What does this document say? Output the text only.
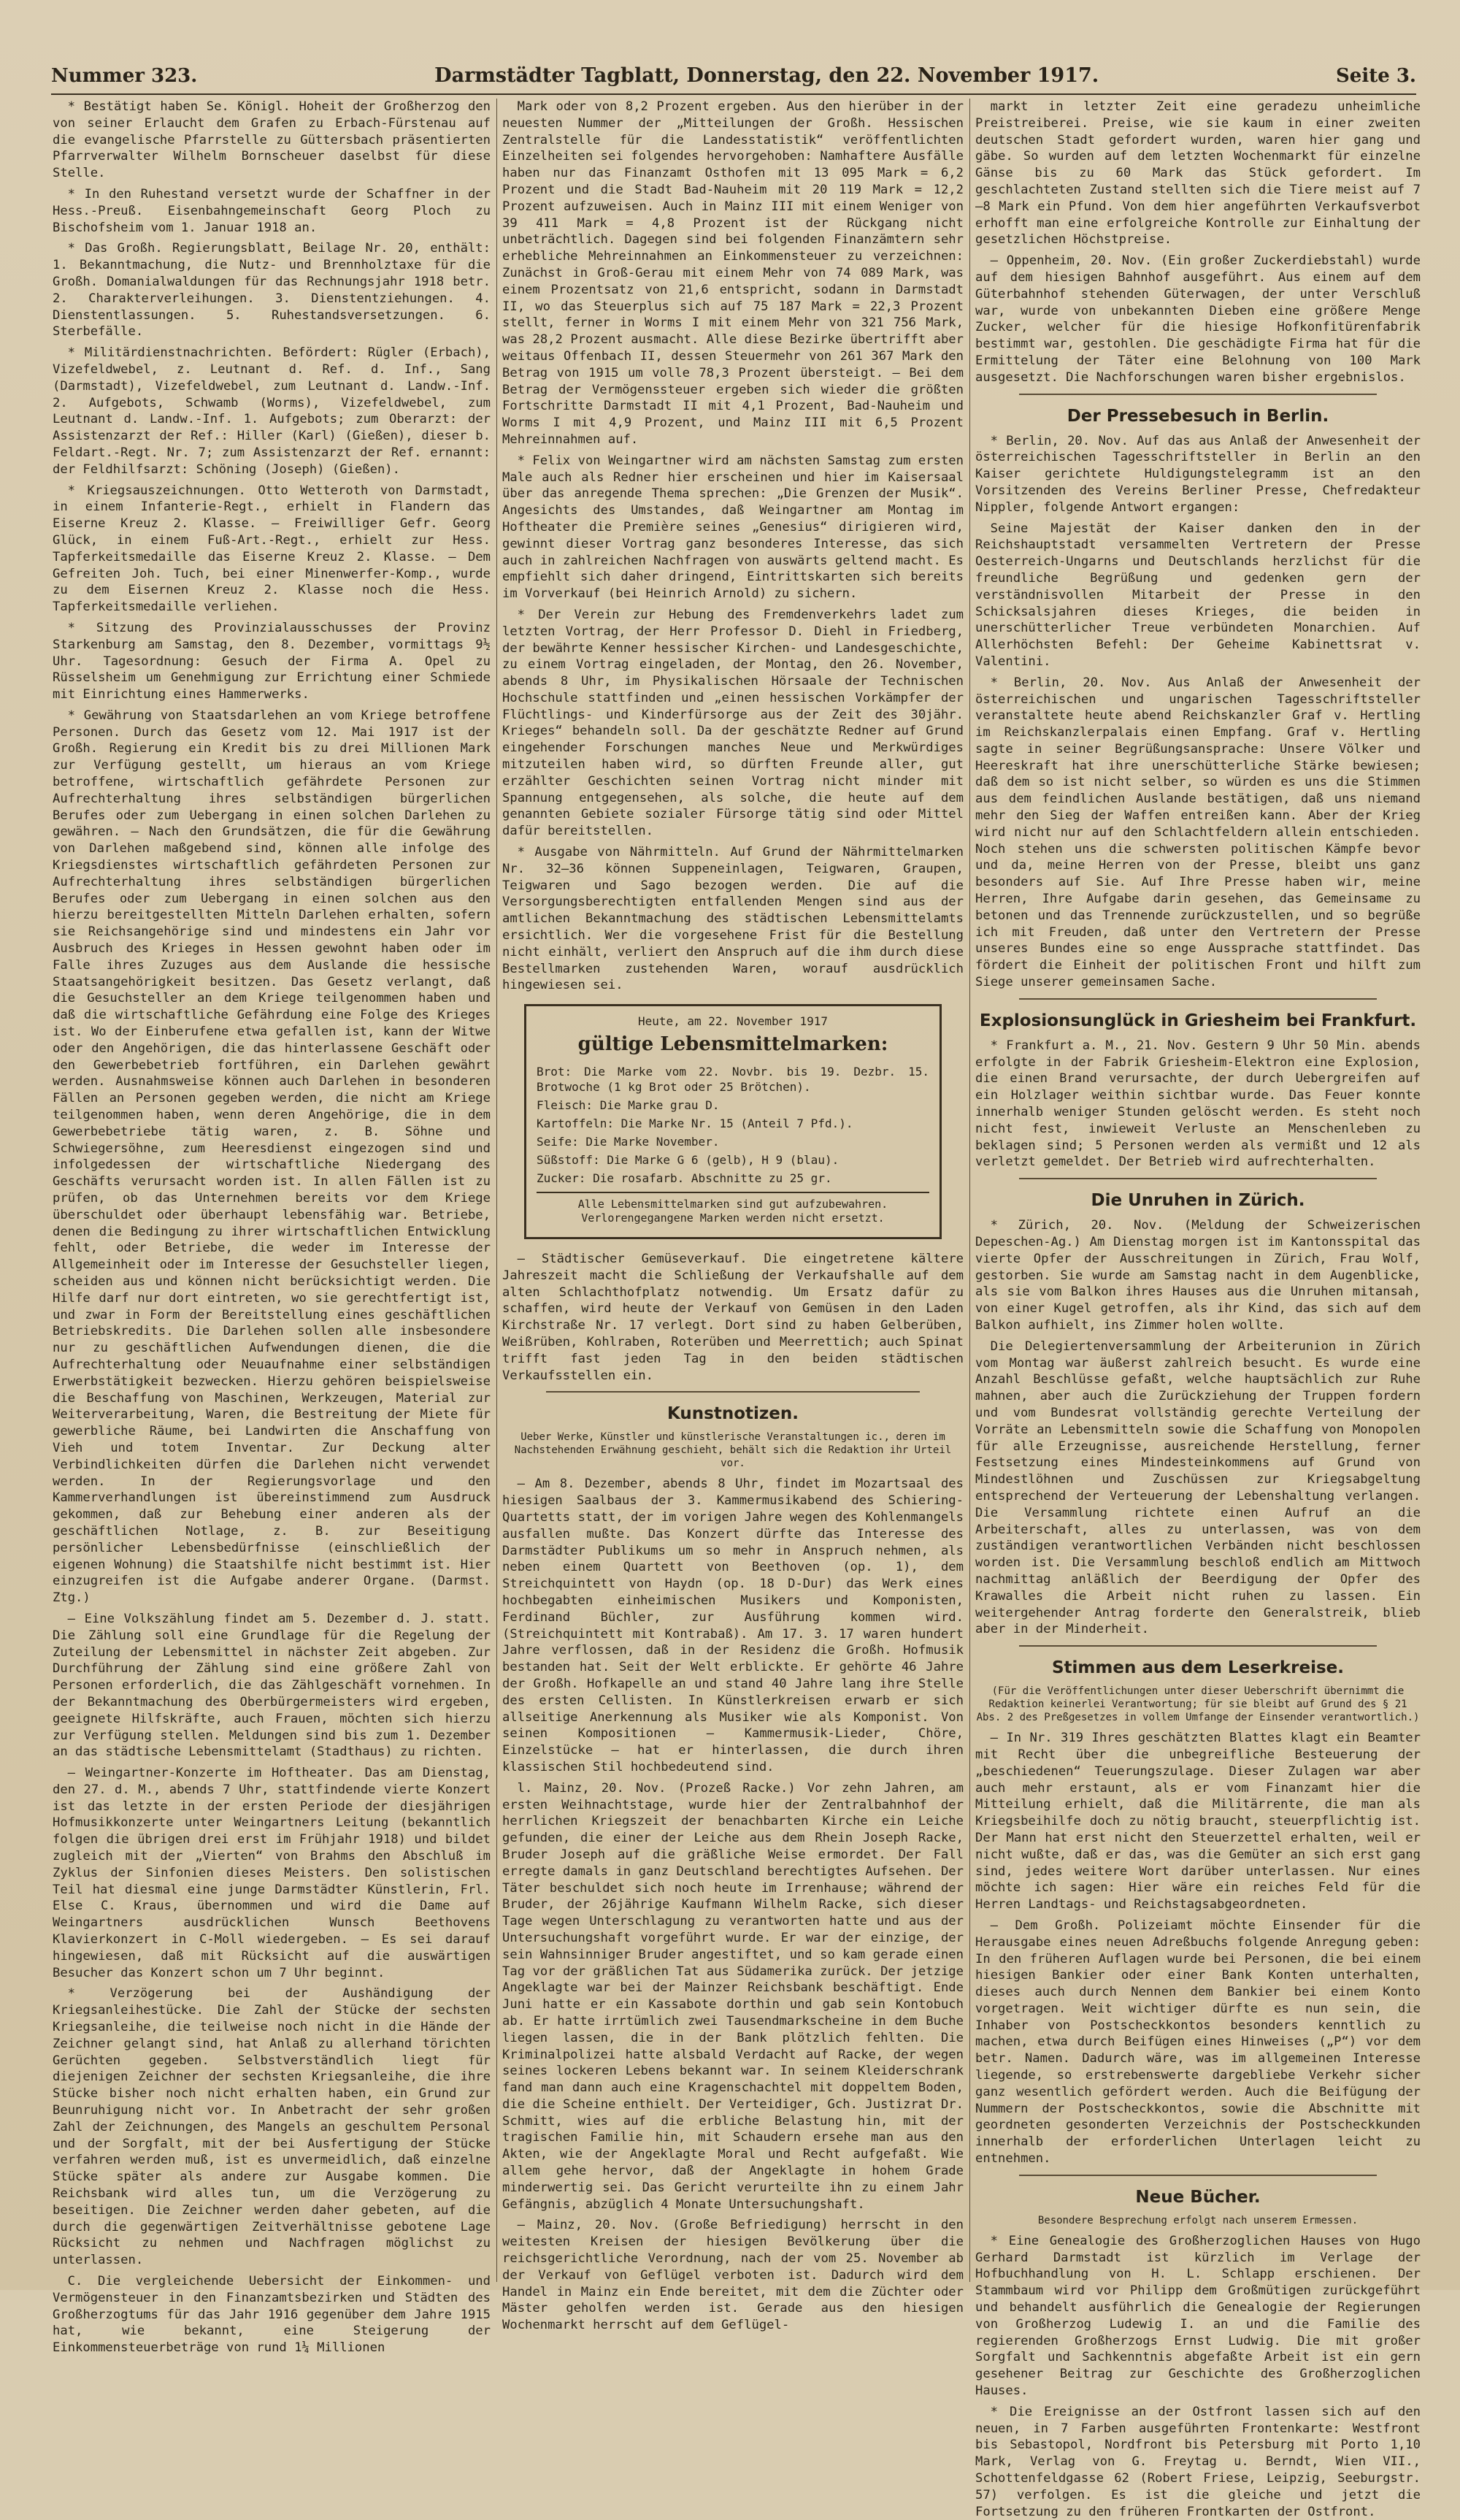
Nummer 323.	Darmstädter Tagblatt, Donnerstag, den 22. November 1917.	Seite 3.

* Bestätigt haben Se. Königl. Hoheit der Großherzog den von seiner Erlaucht dem Grafen zu Erbach-Fürstenau auf die evangelische Pfarrstelle zu Güttersbach präsentierten Pfarrverwalter Wilhelm Bornscheuer daselbst für diese Stelle.

* In den Ruhestand versetzt wurde der Schaffner in der Hess.-Preuß. Eisenbahngemeinschaft Georg Ploch zu Bischofsheim vom 1. Januar 1918 an.

* Das Großh. Regierungsblatt, Beilage Nr. 20, enthält: 1. Bekanntmachung, die Nutz- und Brennholztaxe für die Großh. Domanialwaldungen für das Rechnungsjahr 1918 betr. 2. Charakterverleihungen. 3. Dienstentziehungen. 4. Dienstentlassungen. 5. Ruhestandsversetzungen. 6. Sterbefälle.

* Militärdienstnachrichten. Befördert: Rügler (Erbach), Vizefeldwebel, z. Leutnant d. Ref. d. Inf., Sang (Darmstadt), Vizefeldwebel, zum Leutnant d. Landw.-Inf. 2. Aufgebots, Schwamb (Worms), Vizefeldwebel, zum Leutnant d. Landw.-Inf. 1. Aufgebots; zum Oberarzt: der Assistenzarzt der Ref.: Hiller (Karl) (Gießen), dieser b. Feldart.-Regt. Nr. 7; zum Assistenzarzt der Ref. ernannt: der Feldhilfsarzt: Schöning (Joseph) (Gießen).

* Kriegsauszeichnungen. Otto Wetteroth von Darmstadt, in einem Infanterie-Regt., erhielt in Flandern das Eiserne Kreuz 2. Klasse. — Freiwilliger Gefr. Georg Glück, in einem Fuß-Art.-Regt., erhielt zur Hess. Tapferkeitsmedaille das Eiserne Kreuz 2. Klasse. — Dem Gefreiten Joh. Tuch, bei einer Minenwerfer-Komp., wurde zu dem Eisernen Kreuz 2. Klasse noch die Hess. Tapferkeitsmedaille verliehen.

* Sitzung des Provinzialausschusses der Provinz Starkenburg am Samstag, den 8. Dezember, vormittags 9½ Uhr. Tagesordnung: Gesuch der Firma A. Opel zu Rüsselsheim um Genehmigung zur Errichtung einer Schmiede mit Einrichtung eines Hammerwerks.

* Gewährung von Staatsdarlehen an vom Kriege betroffene Personen. Durch das Gesetz vom 12. Mai 1917 ist der Großh. Regierung ein Kredit bis zu drei Millionen Mark zur Verfügung gestellt, um hieraus an vom Kriege betroffene, wirtschaftlich gefährdete Personen zur Aufrechterhaltung ihres selbständigen bürgerlichen Berufes oder zum Uebergang in einen solchen Darlehen zu gewähren. — Nach den Grundsätzen, die für die Gewährung von Darlehen maßgebend sind, können alle infolge des Kriegsdienstes wirtschaftlich gefährdeten Personen zur Aufrechterhaltung ihres selbständigen bürgerlichen Berufes oder zum Uebergang in einen solchen aus den hierzu bereitgestellten Mitteln Darlehen erhalten, sofern sie Reichsangehörige sind und mindestens ein Jahr vor Ausbruch des Krieges in Hessen gewohnt haben oder im Falle ihres Zuzuges aus dem Auslande die hessische Staatsangehörigkeit besitzen. Das Gesetz verlangt, daß die Gesuchsteller an dem Kriege teilgenommen haben und daß die wirtschaftliche Gefährdung eine Folge des Krieges ist. Wo der Einberufene etwa gefallen ist, kann der Witwe oder den Angehörigen, die das hinterlassene Geschäft oder den Gewerbebetrieb fortführen, ein Darlehen gewährt werden. Ausnahmsweise können auch Darlehen in besonderen Fällen an Personen gegeben werden, die nicht am Kriege teilgenommen haben, wenn deren Angehörige, die in dem Gewerbebetriebe tätig waren, z. B. Söhne und Schwiegersöhne, zum Heeresdienst eingezogen sind und infolgedessen der wirtschaftliche Niedergang des Geschäfts verursacht worden ist. In allen Fällen ist zu prüfen, ob das Unternehmen bereits vor dem Kriege überschuldet oder überhaupt lebensfähig war. Betriebe, denen die Bedingung zu ihrer wirtschaftlichen Entwicklung fehlt, oder Betriebe, die weder im Interesse der Allgemeinheit oder im Interesse der Gesuchsteller liegen, scheiden aus und können nicht berücksichtigt werden. Die Hilfe darf nur dort eintreten, wo sie gerechtfertigt ist, und zwar in Form der Bereitstellung eines geschäftlichen Betriebskredits. Die Darlehen sollen alle insbesondere nur zu geschäftlichen Aufwendungen dienen, die die Aufrechterhaltung oder Neuaufnahme einer selbständigen Erwerbstätigkeit bezwecken. Hierzu gehören beispielsweise die Beschaffung von Maschinen, Werkzeugen, Material zur Weiterverarbeitung, Waren, die Bestreitung der Miete für gewerbliche Räume, bei Landwirten die Anschaffung von Vieh und totem Inventar. Zur Deckung alter Verbindlichkeiten dürfen die Darlehen nicht verwendet werden. In der Regierungsvorlage und den Kammerverhandlungen ist übereinstimmend zum Ausdruck gekommen, daß zur Behebung einer anderen als der geschäftlichen Notlage, z. B. zur Beseitigung persönlicher Lebensbedürfnisse (einschließlich der eigenen Wohnung) die Staatshilfe nicht bestimmt ist. Hier einzugreifen ist die Aufgabe anderer Organe. (Darmst. Ztg.)

— Eine Volkszählung findet am 5. Dezember d. J. statt. Die Zählung soll eine Grundlage für die Regelung der Zuteilung der Lebensmittel in nächster Zeit abgeben. Zur Durchführung der Zählung sind eine größere Zahl von Personen erforderlich, die das Zählgeschäft vornehmen. In der Bekanntmachung des Oberbürgermeisters wird ergeben, geeignete Hilfskräfte, auch Frauen, möchten sich hierzu zur Verfügung stellen. Meldungen sind bis zum 1. Dezember an das städtische Lebensmittelamt (Stadthaus) zu richten.

— Weingartner-Konzerte im Hoftheater. Das am Dienstag, den 27. d. M., abends 7 Uhr, stattfindende vierte Konzert ist das letzte in der ersten Periode der diesjährigen Hofmusikkonzerte unter Weingartners Leitung (bekanntlich folgen die übrigen drei erst im Frühjahr 1918) und bildet zugleich mit der „Vierten“ von Brahms den Abschluß im Zyklus der Sinfonien dieses Meisters. Den solistischen Teil hat diesmal eine junge Darmstädter Künstlerin, Frl. Else C. Kraus, übernommen und wird die Dame auf Weingartners ausdrücklichen Wunsch Beethovens Klavierkonzert in C-Moll wiedergeben. — Es sei darauf hingewiesen, daß mit Rücksicht auf die auswärtigen Besucher das Konzert schon um 7 Uhr beginnt.

* Verzögerung bei der Aushändigung der Kriegsanleihestücke. Die Zahl der Stücke der sechsten Kriegsanleihe, die teilweise noch nicht in die Hände der Zeichner gelangt sind, hat Anlaß zu allerhand törichten Gerüchten gegeben. Selbstverständlich liegt für diejenigen Zeichner der sechsten Kriegsanleihe, die ihre Stücke bisher noch nicht erhalten haben, ein Grund zur Beunruhigung nicht vor. In Anbetracht der sehr großen Zahl der Zeichnungen, des Mangels an geschultem Personal und der Sorgfalt, mit der bei Ausfertigung der Stücke verfahren werden muß, ist es unvermeidlich, daß einzelne Stücke später als andere zur Ausgabe kommen. Die Reichsbank wird alles tun, um die Verzögerung zu beseitigen. Die Zeichner werden daher gebeten, auf die durch die gegenwärtigen Zeitverhältnisse gebotene Lage Rücksicht zu nehmen und Nachfragen möglichst zu unterlassen.

C. Die vergleichende Uebersicht der Einkommen- und Vermögensteuer in den Finanzamtsbezirken und Städten des Großherzogtums für das Jahr 1916 gegenüber dem Jahre 1915 hat, wie bekannt, eine Steigerung der Einkommensteuerbeträge von rund 1¼ Millionen

Mark oder von 8,2 Prozent ergeben. Aus den hierüber in der neuesten Nummer der „Mitteilungen der Großh. Hessischen Zentralstelle für die Landesstatistik“ veröffentlichten Einzelheiten sei folgendes hervorgehoben: Namhaftere Ausfälle haben nur das Finanzamt Osthofen mit 13 095 Mark = 6,2 Prozent und die Stadt Bad-Nauheim mit 20 119 Mark = 12,2 Prozent aufzuweisen. Auch in Mainz III mit einem Weniger von 39 411 Mark = 4,8 Prozent ist der Rückgang nicht unbeträchtlich. Dagegen sind bei folgenden Finanzämtern sehr erhebliche Mehreinnahmen an Einkommensteuer zu verzeichnen: Zunächst in Groß-Gerau mit einem Mehr von 74 089 Mark, was einem Prozentsatz von 21,6 entspricht, sodann in Darmstadt II, wo das Steuerplus sich auf 75 187 Mark = 22,3 Prozent stellt, ferner in Worms I mit einem Mehr von 321 756 Mark, was 28,2 Prozent ausmacht. Alle diese Bezirke übertrifft aber weitaus Offenbach II, dessen Steuermehr von 261 367 Mark den Betrag von 1915 um volle 78,3 Prozent übersteigt. — Bei dem Betrag der Vermögenssteuer ergeben sich wieder die größten Fortschritte Darmstadt II mit 4,1 Prozent, Bad-Nauheim und Worms I mit 4,9 Prozent, und Mainz III mit 6,5 Prozent Mehreinnahmen auf.

* Felix von Weingartner wird am nächsten Samstag zum ersten Male auch als Redner hier erscheinen und hier im Kaisersaal über das anregende Thema sprechen: „Die Grenzen der Musik“. Angesichts des Umstandes, daß Weingartner am Montag im Hoftheater die Première seines „Genesius“ dirigieren wird, gewinnt dieser Vortrag ganz besonderes Interesse, das sich auch in zahlreichen Nachfragen von auswärts geltend macht. Es empfiehlt sich daher dringend, Eintrittskarten sich bereits im Vorverkauf (bei Heinrich Arnold) zu sichern.

* Der Verein zur Hebung des Fremdenverkehrs ladet zum letzten Vortrag, der Herr Professor D. Diehl in Friedberg, der bewährte Kenner hessischer Kirchen- und Landesgeschichte, zu einem Vortrag eingeladen, der Montag, den 26. November, abends 8 Uhr, im Physikalischen Hörsaale der Technischen Hochschule stattfinden und „einen hessischen Vorkämpfer der Flüchtlings- und Kinderfürsorge aus der Zeit des 30jähr. Krieges“ behandeln soll. Da der geschätzte Redner auf Grund eingehender Forschungen manches Neue und Merkwürdiges mitzuteilen haben wird, so dürften Freunde aller, gut erzählter Geschichten seinen Vortrag nicht minder mit Spannung entgegensehen, als solche, die heute auf dem genannten Gebiete sozialer Fürsorge tätig sind oder Mittel dafür bereitstellen.

* Ausgabe von Nährmitteln. Auf Grund der Nährmittelmarken Nr. 32—36 können Suppeneinlagen, Teigwaren, Graupen, Teigwaren und Sago bezogen werden. Die auf die Versorgungsberechtigten entfallenden Mengen sind aus der amtlichen Bekanntmachung des städtischen Lebensmittelamts ersichtlich. Wer die vorgesehene Frist für die Bestellung nicht einhält, verliert den Anspruch auf die ihm durch diese Bestellmarken zustehenden Waren, worauf ausdrücklich hingewiesen sei.

Heute, am 22. November 1917

gültige Lebensmittelmarken:

Brot: Die Marke vom 22. Novbr. bis 19. Dezbr. 15. Brotwoche (1 kg Brot oder 25 Brötchen).

Fleisch: Die Marke grau D.

Kartoffeln: Die Marke Nr. 15 (Anteil 7 Pfd.).

Seife: Die Marke November.

Süßstoff: Die Marke G 6 (gelb), H 9 (blau).

Zucker: Die rosafarb. Abschnitte zu 25 gr.

Alle Lebensmittelmarken sind gut aufzubewahren. Verlorengegangene Marken werden nicht ersetzt.

— Städtischer Gemüseverkauf. Die eingetretene kältere Jahreszeit macht die Schließung der Verkaufshalle auf dem alten Schlachthofplatz notwendig. Um Ersatz dafür zu schaffen, wird heute der Verkauf von Gemüsen in den Laden Kirchstraße Nr. 17 verlegt. Dort sind zu haben Gelberüben, Weißrüben, Kohlraben, Roterüben und Meerrettich; auch Spinat trifft fast jeden Tag in den beiden städtischen Verkaufsstellen ein.

Kunstnotizen.

Ueber Werke, Künstler und künstlerische Veranstaltungen ic., deren im Nachstehenden Erwähnung geschieht, behält sich die Redaktion ihr Urteil vor.

— Am 8. Dezember, abends 8 Uhr, findet im Mozartsaal des hiesigen Saalbaus der 3. Kammermusikabend des Schiering-Quartetts statt, der im vorigen Jahre wegen des Kohlenmangels ausfallen mußte. Das Konzert dürfte das Interesse des Darmstädter Publikums um so mehr in Anspruch nehmen, als neben einem Quartett von Beethoven (op. 1), dem Streichquintett von Haydn (op. 18 D-Dur) das Werk eines hochbegabten einheimischen Musikers und Komponisten, Ferdinand Büchler, zur Ausführung kommen wird. (Streichquintett mit Kontrabaß). Am 17. 3. 17 waren hundert Jahre verflossen, daß in der Residenz die Großh. Hofmusik bestanden hat. Seit der Welt erblickte. Er gehörte 46 Jahre der Großh. Hofkapelle an und stand 40 Jahre lang ihre Stelle des ersten Cellisten. In Künstlerkreisen erwarb er sich allseitige Anerkennung als Musiker wie als Komponist. Von seinen Kompositionen — Kammermusik-Lieder, Chöre, Einzelstücke — hat er hinterlassen, die durch ihren klassischen Stil hochbedeutend sind.

l. Mainz, 20. Nov. (Prozeß Racke.) Vor zehn Jahren, am ersten Weihnachtstage, wurde hier der Zentralbahnhof der herrlichen Kriegszeit der benachbarten Kirche ein Leiche gefunden, die einer der Leiche aus dem Rhein Joseph Racke, Bruder Joseph auf die gräßliche Weise ermordet. Der Fall erregte damals in ganz Deutschland berechtigtes Aufsehen. Der Täter beschuldet sich noch heute im Irrenhause; während der Bruder, der 26jährige Kaufmann Wilhelm Racke, sich dieser Tage wegen Unterschlagung zu verantworten hatte und aus der Untersuchungshaft vorgeführt wurde. Er war der einzige, der sein Wahnsinniger Bruder angestiftet, und so kam gerade einen Tag vor der gräßlichen Tat aus Südamerika zurück. Der jetzige Angeklagte war bei der Mainzer Reichsbank beschäftigt. Ende Juni hatte er ein Kassabote dorthin und gab sein Kontobuch ab. Er hatte irrtümlich zwei Tausendmarkscheine in dem Buche liegen lassen, die in der Bank plötzlich fehlten. Die Kriminalpolizei hatte alsbald Verdacht auf Racke, der wegen seines lockeren Lebens bekannt war. In seinem Kleiderschrank fand man dann auch eine Kragenschachtel mit doppeltem Boden, die die Scheine enthielt. Der Verteidiger, Gch. Justizrat Dr. Schmitt, wies auf die erbliche Belastung hin, mit der tragischen Familie hin, mit Schaudern ersehe man aus den Akten, wie der Angeklagte Moral und Recht aufgefaßt. Wie allem gehe hervor, daß der Angeklagte in hohem Grade minderwertig sei. Das Gericht verurteilte ihn zu einem Jahr Gefängnis, abzüglich 4 Monate Untersuchungshaft.

— Mainz, 20. Nov. (Große Befriedigung) herrscht in den weitesten Kreisen der hiesigen Bevölkerung über die reichsgerichtliche Verordnung, nach der vom 25. November ab der Verkauf von Geflügel verboten ist. Dadurch wird dem Handel in Mainz ein Ende bereitet, mit dem die Züchter oder Mäster geholfen werden ist. Gerade aus den hiesigen Wochenmarkt herrscht auf dem Geflügel-

markt in letzter Zeit eine geradezu unheimliche Preistreiberei. Preise, wie sie kaum in einer zweiten deutschen Stadt gefordert wurden, waren hier gang und gäbe. So wurden auf dem letzten Wochenmarkt für einzelne Gänse bis zu 60 Mark das Stück gefordert. Im geschlachteten Zustand stellten sich die Tiere meist auf 7—8 Mark ein Pfund. Von dem hier angeführten Verkaufsverbot erhofft man eine erfolgreiche Kontrolle zur Einhaltung der gesetzlichen Höchstpreise.

— Oppenheim, 20. Nov. (Ein großer Zuckerdiebstahl) wurde auf dem hiesigen Bahnhof ausgeführt. Aus einem auf dem Güterbahnhof stehenden Güterwagen, der unter Verschluß war, wurde von unbekannten Dieben eine größere Menge Zucker, welcher für die hiesige Hofkonfitürenfabrik bestimmt war, gestohlen. Die geschädigte Firma hat für die Ermittelung der Täter eine Belohnung von 100 Mark ausgesetzt. Die Nachforschungen waren bisher ergebnislos.

Der Pressebesuch in Berlin.

* Berlin, 20. Nov. Auf das aus Anlaß der Anwesenheit der österreichischen Tagesschriftsteller in Berlin an den Kaiser gerichtete Huldigungstelegramm ist an den Vorsitzenden des Vereins Berliner Presse, Chefredakteur Nippler, folgende Antwort ergangen:

Seine Majestät der Kaiser danken den in der Reichshauptstadt versammelten Vertretern der Presse Oesterreich-Ungarns und Deutschlands herzlichst für die freundliche Begrüßung und gedenken gern der verständnisvollen Mitarbeit der Presse in den Schicksalsjahren dieses Krieges, die beiden in unerschütterlicher Treue verbündeten Monarchien. Auf Allerhöchsten Befehl: Der Geheime Kabinettsrat v. Valentini.

* Berlin, 20. Nov. Aus Anlaß der Anwesenheit der österreichischen und ungarischen Tagesschriftsteller veranstaltete heute abend Reichskanzler Graf v. Hertling im Reichskanzlerpalais einen Empfang. Graf v. Hertling sagte in seiner Begrüßungsansprache: Unsere Völker und Heereskraft hat ihre unerschütterliche Stärke bewiesen; daß dem so ist nicht selber, so würden es uns die Stimmen aus dem feindlichen Auslande bestätigen, daß uns niemand mehr den Sieg der Waffen entreißen kann. Aber der Krieg wird nicht nur auf den Schlachtfeldern allein entschieden. Noch stehen uns die schwersten politischen Kämpfe bevor und da, meine Herren von der Presse, bleibt uns ganz besonders auf Sie. Auf Ihre Presse haben wir, meine Herren, Ihre Aufgabe darin gesehen, das Gemeinsame zu betonen und das Trennende zurückzustellen, und so begrüße ich mit Freuden, daß unter den Vertretern der Presse unseres Bundes eine so enge Aussprache stattfindet. Das fördert die Einheit der politischen Front und hilft zum Siege unserer gemeinsamen Sache.

Explosionsunglück in Griesheim bei Frankfurt.

* Frankfurt a. M., 21. Nov. Gestern 9 Uhr 50 Min. abends erfolgte in der Fabrik Griesheim-Elektron eine Explosion, die einen Brand verursachte, der durch Uebergreifen auf ein Holzlager weithin sichtbar wurde. Das Feuer konnte innerhalb weniger Stunden gelöscht werden. Es steht noch nicht fest, inwieweit Verluste an Menschenleben zu beklagen sind; 5 Personen werden als vermißt und 12 als verletzt gemeldet. Der Betrieb wird aufrechterhalten.

Die Unruhen in Zürich.

* Zürich, 20. Nov. (Meldung der Schweizerischen Depeschen-Ag.) Am Dienstag morgen ist im Kantonsspital das vierte Opfer der Ausschreitungen in Zürich, Frau Wolf, gestorben. Sie wurde am Samstag nacht in dem Augenblicke, als sie vom Balkon ihres Hauses aus die Unruhen mitansah, von einer Kugel getroffen, als ihr Kind, das sich auf dem Balkon aufhielt, ins Zimmer holen wollte.

Die Delegiertenversammlung der Arbeiterunion in Zürich vom Montag war äußerst zahlreich besucht. Es wurde eine Anzahl Beschlüsse gefaßt, welche hauptsächlich zur Ruhe mahnen, aber auch die Zurückziehung der Truppen fordern und vom Bundesrat vollständig gerechte Verteilung der Vorräte an Lebensmitteln sowie die Schaffung von Monopolen für alle Erzeugnisse, ausreichende Herstellung, ferner Festsetzung eines Mindesteinkommens auf Grund von Mindestlöhnen und Zuschüssen zur Kriegsabgeltung entsprechend der Verteuerung der Lebenshaltung verlangen. Die Versammlung richtete einen Aufruf an die Arbeiterschaft, alles zu unterlassen, was von dem zuständigen verantwortlichen Verbänden nicht beschlossen worden ist. Die Versammlung beschloß endlich am Mittwoch nachmittag anläßlich der Beerdigung der Opfer des Krawalles die Arbeit nicht ruhen zu lassen. Ein weitergehender Antrag forderte den Generalstreik, blieb aber in der Minderheit.

Stimmen aus dem Leserkreise.

(Für die Veröffentlichungen unter dieser Ueberschrift übernimmt die Redaktion keinerlei Verantwortung; für sie bleibt auf Grund des § 21 Abs. 2 des Preßgesetzes in vollem Umfange der Einsender verantwortlich.)

— In Nr. 319 Ihres geschätzten Blattes klagt ein Beamter mit Recht über die unbegreifliche Besteuerung der „beschiedenen“ Teuerungszulage. Dieser Zulagen war aber auch mehr erstaunt, als er vom Finanzamt hier die Mitteilung erhielt, daß die Militärrente, die man als Kriegsbeihilfe doch zu nötig braucht, steuerpflichtig ist. Der Mann hat erst nicht den Steuerzettel erhalten, weil er nicht wußte, daß er das, was die Gemüter an sich erst gang sind, jedes weitere Wort darüber unterlassen. Nur eines möchte ich sagen: Hier wäre ein reiches Feld für die Herren Landtags- und Reichstagsabgeordneten.

— Dem Großh. Polizeiamt möchte Einsender für die Herausgabe eines neuen Adreßbuchs folgende Anregung geben: In den früheren Auflagen wurde bei Personen, die bei einem hiesigen Bankier oder einer Bank Konten unterhalten, dieses auch durch Nennen dem Bankier bei einem Konto vorgetragen. Weit wichtiger dürfte es nun sein, die Inhaber von Postscheckkontos besonders kenntlich zu machen, etwa durch Beifügen eines Hinweises („P“) vor dem betr. Namen. Dadurch wäre, was im allgemeinen Interesse liegende, so erstrebenswerte dargebliebe Verkehr sicher ganz wesentlich gefördert werden. Auch die Beifügung der Nummern der Postscheckkontos, sowie die Abschnitte mit geordneten gesonderten Verzeichnis der Postscheckkunden innerhalb der erforderlichen Unterlagen leicht zu entnehmen.

Neue Bücher.

Besondere Besprechung erfolgt nach unserem Ermessen.

* Eine Genealogie des Großherzoglichen Hauses von Hugo Gerhard Darmstadt ist kürzlich im Verlage der Hofbuchhandlung von H. L. Schlapp erschienen. Der Stammbaum wird vor Philipp dem Großmütigen zurückgeführt und behandelt ausführlich die Genealogie der Regierungen von Großherzog Ludewig I. an und die Familie des regierenden Großherzogs Ernst Ludwig. Die mit großer Sorgfalt und Sachkenntnis abgefaßte Arbeit ist ein gern gesehener Beitrag zur Geschichte des Großherzoglichen Hauses.

* Die Ereignisse an der Ostfront lassen sich auf den neuen, in 7 Farben ausgeführten Frontenkarte: Westfront bis Sebastopol, Nordfront bis Petersburg mit Porto 1,10 Mark, Verlag von G. Freytag u. Berndt, Wien VII., Schottenfeldgasse 62 (Robert Friese, Leipzig, Seeburgstr. 57) verfolgen. Es ist die gleiche und jetzt die Fortsetzung zu den früheren Frontkarten der Ostfront.
